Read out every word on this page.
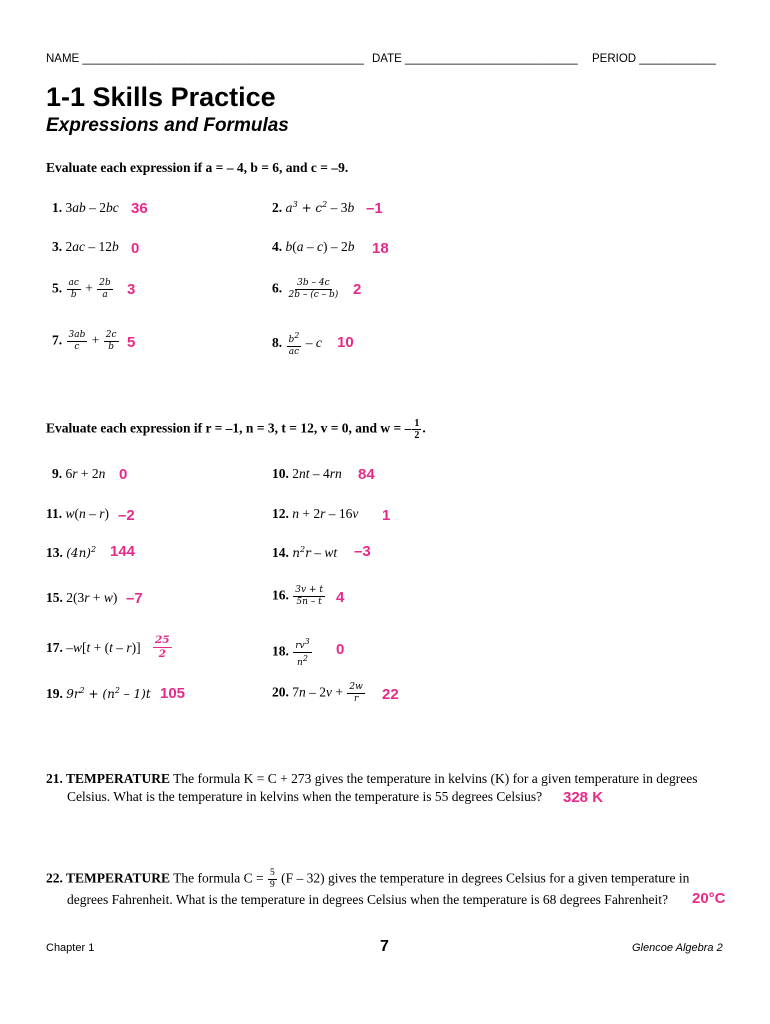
NAME ____________________________________________ DATE ___________________________ PERIOD ____________
1-1 Skills Practice
Expressions and Formulas
Evaluate each expression if a = – 4, b = 6, and c = –9.
1. 3ab – 2bc 36	2. $a^3 + c^2 - 3b$ –1
3. 2ac – 12b 0	4. b(a – c) – 2b 18
5. $\frac{ac}{b} + \frac{2b}{a} 3$	6. $\frac{3b - 4c}{2b - (c - b)} 2$
7. $\frac{3ab}{c} + \frac{2c}{b} 5$	8. $\frac{b^2}{ac}$ – c 10
Evaluate each expression if r = –1, n = 3, t = 12, v = 0, and w = – $\frac{1}{2}$ .
9. 6r + 2n 0	10. 2nt – 4rn 84
11. w(n – r) –2	12. n + 2r – 16v 1
13. $(4n)^2$ 144	14. $n^2r$ – wt –3
15. 2(3r + w) –7	16. $\frac{3v + t}{5n - t} 4$
17. $-w[t + (t - r)] \frac{25}{2}$	18. $\frac{rv^3}{n^2} 0$
19. $9r^2 + (n^2 - 1)t$ 105	20. $7n - 2v + \frac{2w}{r} 22$
21. TEMPERATURE The formula K = C + 273 gives the temperature in kelvins (K) for a given temperature in degrees
Celsius. What is the temperature in kelvins when the temperature is 55 degrees Celsius? 328 K
22. TEMPERATURE The formula $C = \frac{5}{9} (F - 32)$ gives the temperature in degrees Celsius for a given temperature in
degrees Fahrenheit. What is the temperature in degrees Celsius when the temperature is 68 degrees Fahrenheit? 20°C
Chapter 1	7	Glencoe Algebra 2
